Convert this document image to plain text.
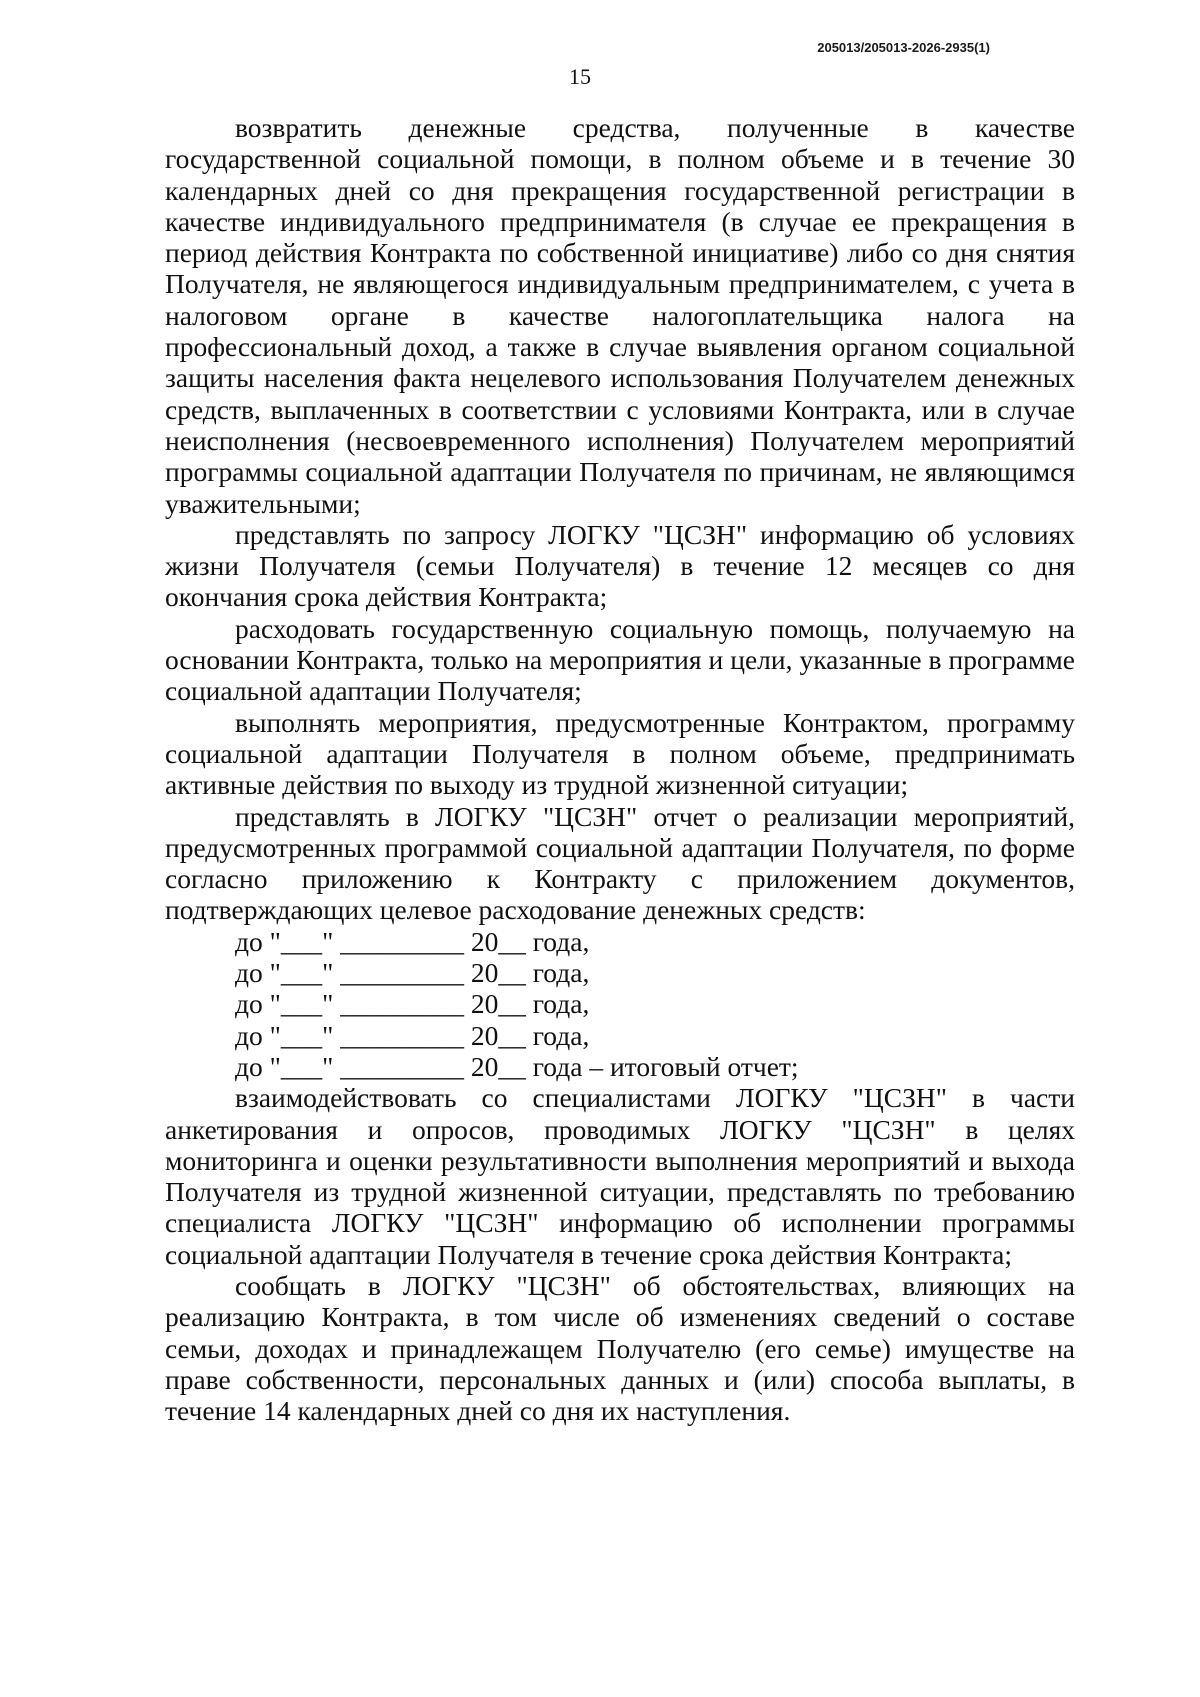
205013/205013-2026-2935(1)
15

возвратить денежные средства, полученные в качестве государственной социальной помощи, в полном объеме и в течение 30 календарных дней со дня прекращения государственной регистрации в качестве индивидуального предпринимателя (в случае ее прекращения в период действия Контракта по собственной инициативе) либо со дня снятия Получателя, не являющегося индивидуальным предпринимателем, с учета в налоговом органе в качестве налогоплательщика налога на профессиональный доход, а также в случае выявления органом социальной защиты населения факта нецелевого использования Получателем денежных средств, выплаченных в соответствии с условиями Контракта, или в случае неисполнения (несвоевременного исполнения) Получателем мероприятий программы социальной адаптации Получателя по причинам, не являющимся уважительными;

представлять по запросу ЛОГКУ "ЦСЗН" информацию об условиях жизни Получателя (семьи Получателя) в течение 12 месяцев со дня окончания срока действия Контракта;

расходовать государственную социальную помощь, получаемую на основании Контракта, только на мероприятия и цели, указанные в программе социальной адаптации Получателя;

выполнять мероприятия, предусмотренные Контрактом, программу социальной адаптации Получателя в полном объеме, предпринимать активные действия по выходу из трудной жизненной ситуации;

представлять в ЛОГКУ "ЦСЗН" отчет о реализации мероприятий, предусмотренных программой социальной адаптации Получателя, по форме согласно приложению к Контракту с приложением документов, подтверждающих целевое расходование денежных средств:

до "___" _________ 20__ года,
до "___" _________ 20__ года,
до "___" _________ 20__ года,
до "___" _________ 20__ года,
до "___" _________ 20__ года – итоговый отчет;

взаимодействовать со специалистами ЛОГКУ "ЦСЗН" в части анкетирования и опросов, проводимых ЛОГКУ "ЦСЗН" в целях мониторинга и оценки результативности выполнения мероприятий и выхода Получателя из трудной жизненной ситуации, представлять по требованию специалиста ЛОГКУ "ЦСЗН" информацию об исполнении программы социальной адаптации Получателя в течение срока действия Контракта;

сообщать в ЛОГКУ "ЦСЗН" об обстоятельствах, влияющих на реализацию Контракта, в том числе об изменениях сведений о составе семьи, доходах и принадлежащем Получателю (его семье) имуществе на праве собственности, персональных данных и (или) способа выплаты, в течение 14 календарных дней со дня их наступления.
